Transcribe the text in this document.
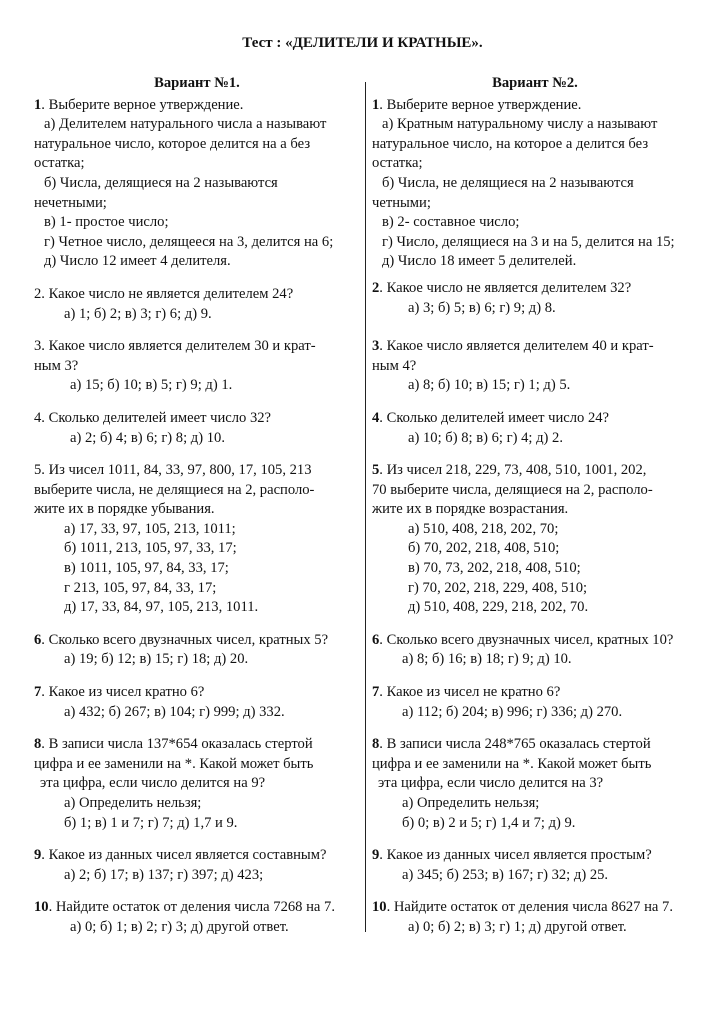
Тест : «ДЕЛИТЕЛИ И КРАТНЫЕ».
Вариант №1.
1. Выберите верное утверждение.
а) Делителем натурального числа а называют
натуральное число, которое делится на а без
остатка;
б) Числа, делящиеся на 2 называются
нечетными;
в) 1- простое число;
г) Четное число, делящееся на 3, делится на 6;
д) Число 12 имеет 4 делителя.
2. Какое число не является делителем 24?
а) 1; б) 2; в) 3; г) 6; д) 9.
3. Какое число является делителем 30 и крат-
ным 3?
а) 15; б) 10; в) 5; г) 9; д) 1.
4. Сколько делителей имеет число 32?
а) 2; б) 4; в) 6; г) 8; д) 10.
5. Из чисел 1011, 84, 33, 97, 800, 17, 105, 213
выберите числа, не делящиеся на 2, располо-
жите их в порядке убывания.
а) 17, 33, 97, 105, 213, 1011;
б) 1011, 213, 105, 97, 33, 17;
в) 1011, 105, 97, 84, 33, 17;
г 213, 105, 97, 84, 33, 17;
д) 17, 33, 84, 97, 105, 213, 1011.
6. Сколько всего двузначных чисел, кратных 5?
а) 19; б) 12; в) 15; г) 18; д) 20.
7. Какое из чисел кратно 6?
а) 432; б) 267; в) 104; г) 999; д) 332.
8. В записи числа 137*654 оказалась стертой
цифра и ее заменили на *. Какой может быть
эта цифра, если число делится на 9?
а) Определить нельзя;
б) 1; в) 1 и 7; г) 7; д) 1,7 и 9.
9. Какое из данных чисел является составным?
а) 2; б) 17; в) 137; г) 397; д) 423;
10. Найдите остаток от деления числа 7268 на 7.
а) 0; б) 1; в) 2; г) 3; д) другой ответ.
Вариант №2.
1. Выберите верное утверждение.
а) Кратным натуральному числу а называют
натуральное число, на которое а делится без
остатка;
б) Числа, не делящиеся на 2 называются
четными;
в) 2- составное число;
г) Число, делящиеся на 3 и на 5, делится на 15;
д) Число 18 имеет 5 делителей.
2. Какое число не является делителем 32?
а) 3; б) 5; в) 6; г) 9; д) 8.
3. Какое число является делителем 40 и крат-
ным 4?
а) 8; б) 10; в) 15; г) 1; д) 5.
4. Сколько делителей имеет число 24?
а) 10; б) 8; в) 6; г) 4; д) 2.
5. Из чисел 218, 229, 73, 408, 510, 1001, 202,
70 выберите числа, делящиеся на 2, располо-
жите их в порядке возрастания.
а) 510, 408, 218, 202, 70;
б) 70, 202, 218, 408, 510;
в) 70, 73, 202, 218, 408, 510;
г) 70, 202, 218, 229, 408, 510;
д) 510, 408, 229, 218, 202, 70.
6. Сколько всего двузначных чисел, кратных 10?
а) 8; б) 16; в) 18; г) 9; д) 10.
7. Какое из чисел не кратно 6?
а) 112; б) 204; в) 996; г) 336; д) 270.
8. В записи числа 248*765 оказалась стертой
цифра и ее заменили на *. Какой может быть
эта цифра, если число делится на 3?
а) Определить нельзя;
б) 0; в) 2 и 5; г) 1,4 и 7; д) 9.
9. Какое из данных чисел является простым?
а) 345; б) 253; в) 167; г) 32; д) 25.
10. Найдите остаток от деления числа 8627 на 7.
а) 0; б) 2; в) 3; г) 1; д) другой ответ.
